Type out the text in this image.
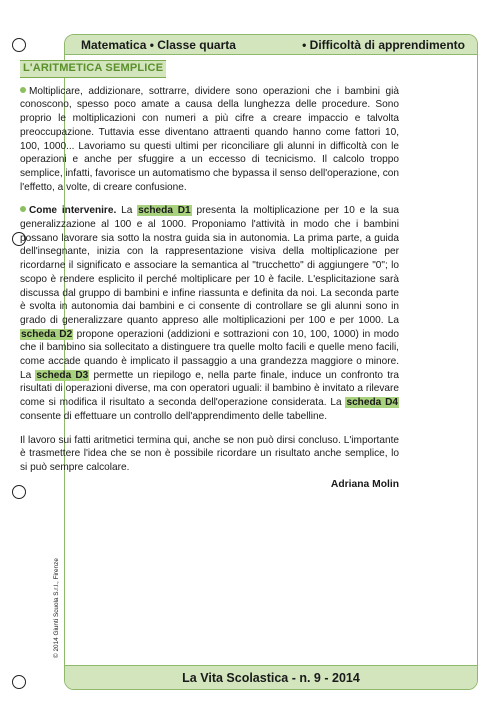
Matematica • Classe quarta	• Difficoltà di apprendimento
La Vita Scolastica - n. 9 - 2014
L'ARITMETICA SEMPLICE

Moltiplicare, addizionare, sottrarre, dividere sono operazioni che i bambini già conoscono, spesso poco amate a causa della lunghezza delle procedure. Sono proprio le moltiplicazioni con numeri a più cifre a creare impaccio e talvolta preoccupazione. Tuttavia esse diventano attraenti quando hanno come fattori 10, 100, 1000... Lavoriamo su questi ultimi per riconciliare gli alunni in difficoltà con le operazioni e anche per sfuggire a un eccesso di tecnicismo. Il calcolo troppo semplice, infatti, favorisce un automatismo che bypassa il senso dell'operazione, con l'effetto, a volte, di creare confusione.

Come intervenire. La scheda D1 presenta la moltiplicazione per 10 e la sua generalizzazione al 100 e al 1000. Proponiamo l'attività in modo che i bambini possano lavorare sia sotto la nostra guida sia in autonomia. La prima parte, a guida dell'insegnante, inizia con la rappresentazione visiva della moltiplicazione per ricordarne il significato e associare la semantica al "trucchetto" di aggiungere "0"; lo scopo è rendere esplicito il perché moltiplicare per 10 è facile. L'esplicitazione sarà discussa dal gruppo di bambini e infine riassunta e definita da noi. La seconda parte è svolta in autonomia dai bambini e ci consente di controllare se gli alunni sono in grado di generalizzare quanto appreso alle moltiplicazioni per 100 e per 1000. La scheda D2 propone operazioni (addizioni e sottrazioni con 10, 100, 1000) in modo che il bambino sia sollecitato a distinguere tra quelle molto facili e quelle meno facili, come accade quando è implicato il passaggio a una grandezza maggiore o minore. La scheda D3 permette un riepilogo e, nella parte finale, induce un confronto tra risultati di operazioni diverse, ma con operatori uguali: il bambino è invitato a rilevare come si modifica il risultato a seconda dell'operazione considerata. La scheda D4 consente di effettuare un controllo dell'apprendimento delle tabelline.

Il lavoro sui fatti aritmetici termina qui, anche se non può dirsi concluso. L'importante è trasmettere l'idea che se non è possibile ricordare un risultato anche semplice, lo si può sempre calcolare.

Adriana Molin
© 2014 Giunti Scuola S.r.l., Firenze
